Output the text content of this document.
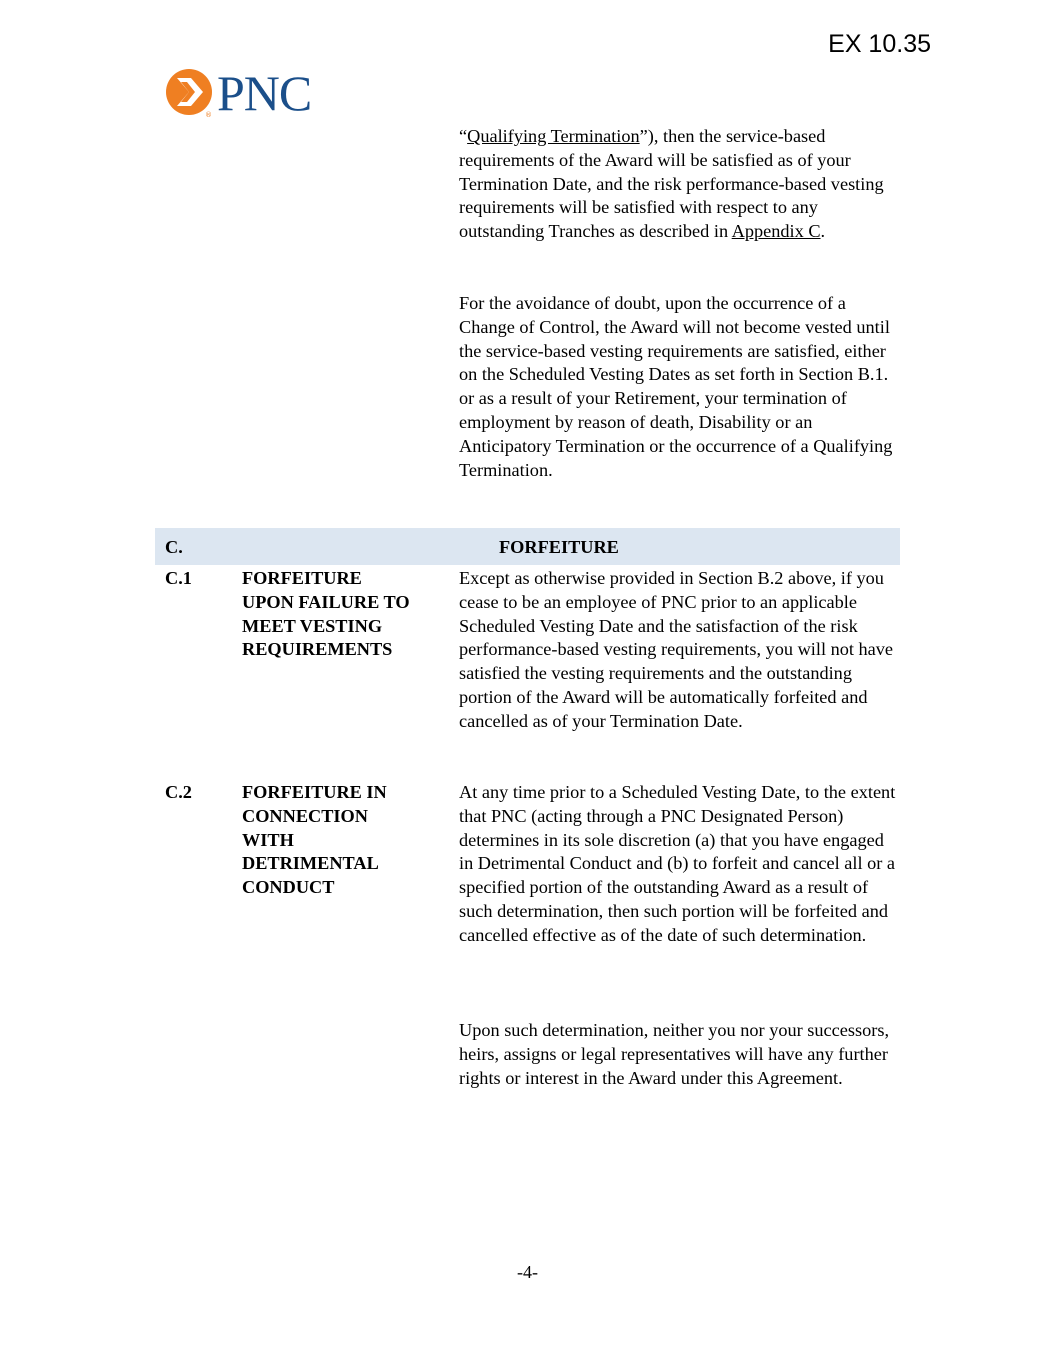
EX 10.35
® PNC
“Qualifying Termination”), then the service-based requirements of the Award will be satisfied as of your Termination Date, and the risk performance-based vesting requirements will be satisfied with respect to any outstanding Tranches as described in Appendix C.
For the avoidance of doubt, upon the occurrence of a Change of Control, the Award will not become vested until the service-based vesting requirements are satisfied, either on the Scheduled Vesting Dates as set forth in Section B.1. or as a result of your Retirement, your termination of employment by reason of death, Disability or an Anticipatory Termination or the occurrence of a Qualifying Termination.
C.	FORFEITURE
C.1	FORFEITURE
UPON FAILURE TO
MEET VESTING
REQUIREMENTS
Except as otherwise provided in Section B.2 above, if you cease to be an employee of PNC prior to an applicable Scheduled Vesting Date and the satisfaction of the risk performance-based vesting requirements, you will not have satisfied the vesting requirements and the outstanding portion of the Award will be automatically forfeited and cancelled as of your Termination Date.
C.2	FORFEITURE IN
CONNECTION
WITH
DETRIMENTAL
CONDUCT
At any time prior to a Scheduled Vesting Date, to the extent that PNC (acting through a PNC Designated Person) determines in its sole discretion (a) that you have engaged in Detrimental Conduct and (b) to forfeit and cancel all or a specified portion of the outstanding Award as a result of such determination, then such portion will be forfeited and cancelled effective as of the date of such determination.
Upon such determination, neither you nor your successors, heirs, assigns or legal representatives will have any further rights or interest in the Award under this Agreement.
-4-
